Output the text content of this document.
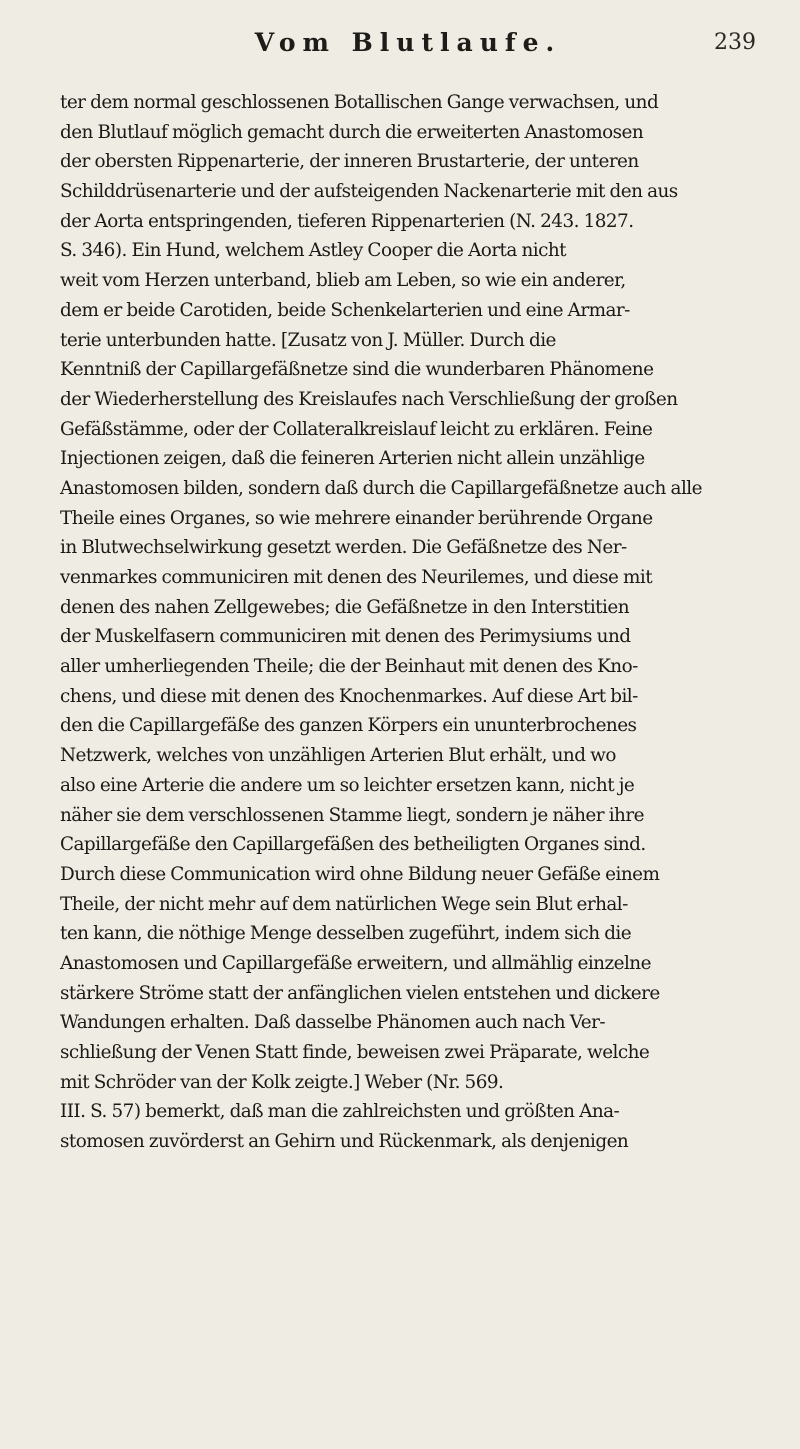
Vom Blutlaufe.	239
ter dem normal geschlossenen Botallischen Gange verwachsen, und
den Blutlauf möglich gemacht durch die erweiterten Anastomosen
der obersten Rippenarterie, der inneren Brustarterie, der unteren
Schilddrüsenarterie und der aufsteigenden Nackenarterie mit den aus
der Aorta entspringenden, tieferen Rippenarterien (N. 243. 1827.
S. 346). Ein Hund, welchem Astley Cooper die Aorta nicht
weit vom Herzen unterband, blieb am Leben, so wie ein anderer,
dem er beide Carotiden, beide Schenkelarterien und eine Armar-
terie unterbunden hatte. [Zusatz von J. Müller. Durch die
Kenntniß der Capillargefäßnetze sind die wunderbaren Phänomene
der Wiederherstellung des Kreislaufes nach Verschließung der großen
Gefäßstämme, oder der Collateralkreislauf leicht zu erklären. Feine
Injectionen zeigen, daß die feineren Arterien nicht allein unzählige
Anastomosen bilden, sondern daß durch die Capillargefäßnetze auch alle
Theile eines Organes, so wie mehrere einander berührende Organe
in Blutwechselwirkung gesetzt werden. Die Gefäßnetze des Ner-
venmarkes communiciren mit denen des Neurilemes, und diese mit
denen des nahen Zellgewebes; die Gefäßnetze in den Interstitien
der Muskelfasern communiciren mit denen des Perimysiums und
aller umherliegenden Theile; die der Beinhaut mit denen des Kno-
chens, und diese mit denen des Knochenmarkes. Auf diese Art bil-
den die Capillargefäße des ganzen Körpers ein ununterbrochenes
Netzwerk, welches von unzähligen Arterien Blut erhält, und wo
also eine Arterie die andere um so leichter ersetzen kann, nicht je
näher sie dem verschlossenen Stamme liegt, sondern je näher ihre
Capillargefäße den Capillargefäßen des betheiligten Organes sind.
Durch diese Communication wird ohne Bildung neuer Gefäße einem
Theile, der nicht mehr auf dem natürlichen Wege sein Blut erhal-
ten kann, die nöthige Menge desselben zugeführt, indem sich die
Anastomosen und Capillargefäße erweitern, und allmählig einzelne
stärkere Ströme statt der anfänglichen vielen entstehen und dickere
Wandungen erhalten. Daß dasselbe Phänomen auch nach Ver-
schließung der Venen Statt finde, beweisen zwei Präparate, welche
mit Schröder van der Kolk zeigte.] Weber (Nr. 569.
III. S. 57) bemerkt, daß man die zahlreichsten und größten Ana-
stomosen zuvörderst an Gehirn und Rückenmark, als denjenigen
